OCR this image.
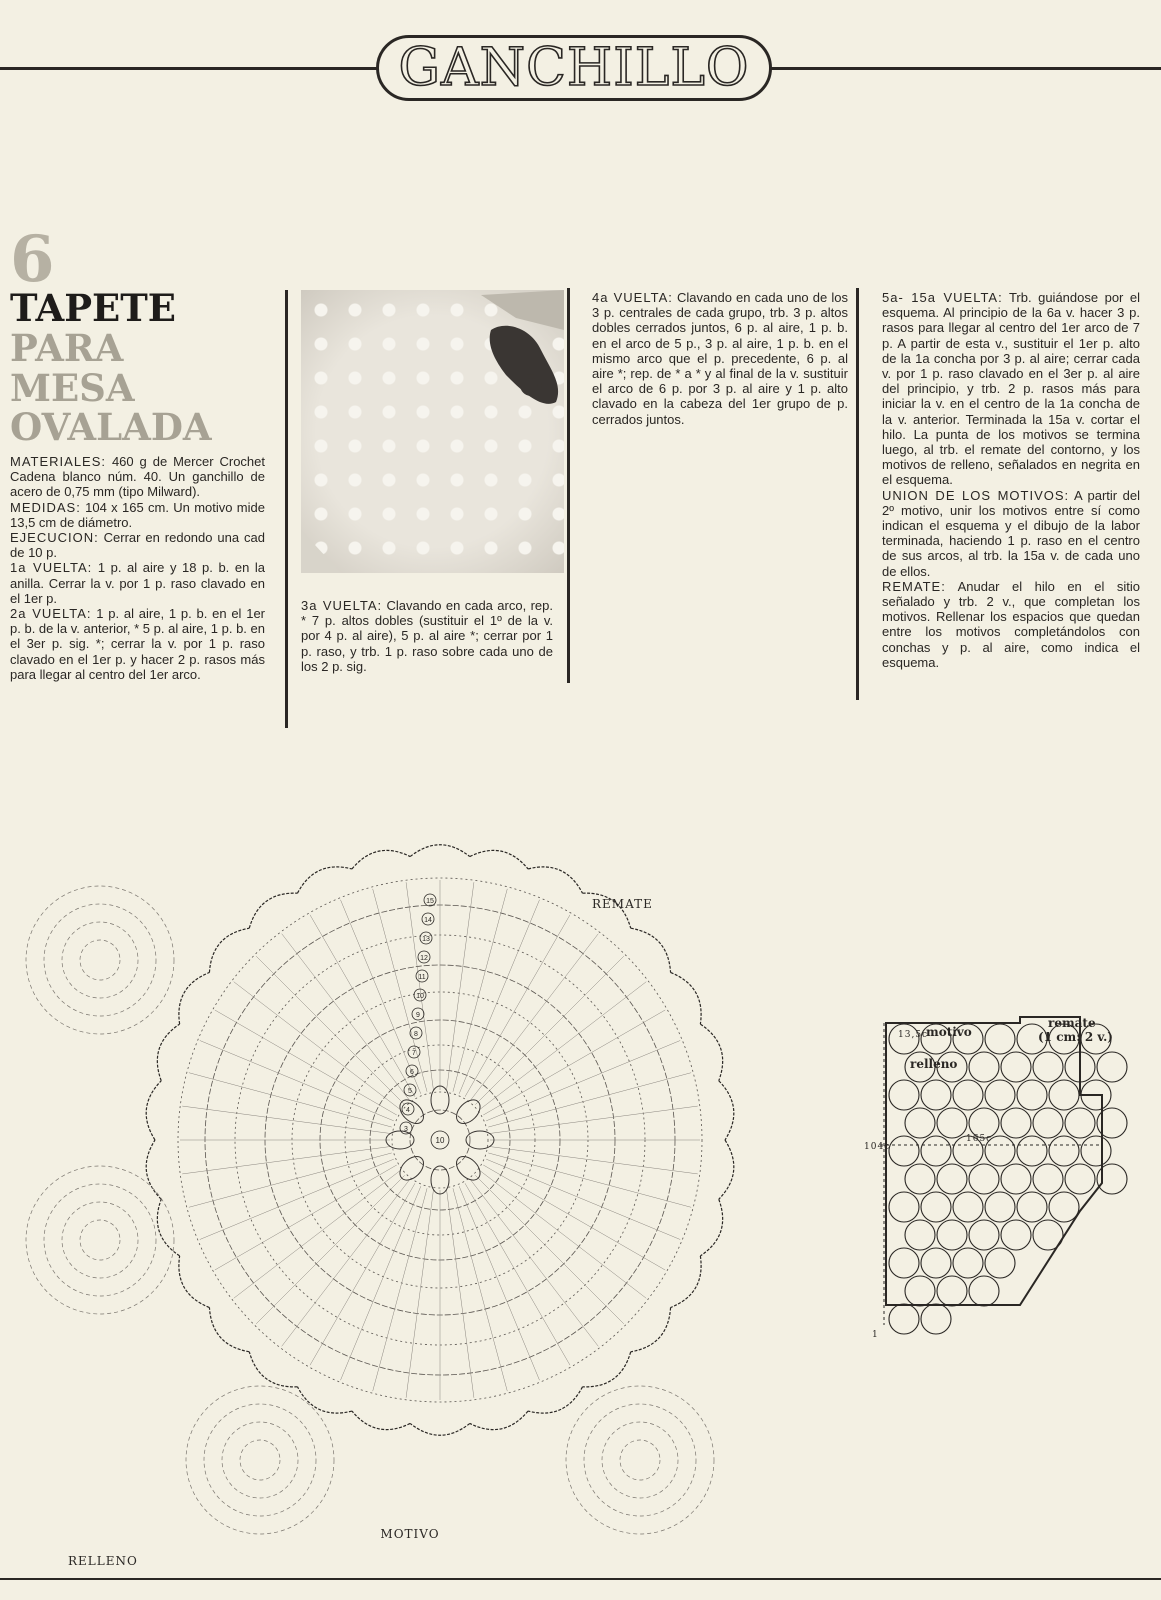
GANCHILLO
6
TAPETE
PARA
MESA
OVALADA

MATERIALES: 460 g de Mercer Crochet Cadena blanco núm. 40. Un ganchillo de acero de 0,75 mm (tipo Milward).

MEDIDAS: 104 x 165 cm. Un motivo mide 13,5 cm de diámetro.

EJECUCION: Cerrar en redondo una cad de 10 p.

1a VUELTA: 1 p. al aire y 18 p. b. en la anilla. Cerrar la v. por 1 p. raso clavado en el 1er p.

2a VUELTA: 1 p. al aire, 1 p. b. en el 1er p. b. de la v. anterior, * 5 p. al aire, 1 p. b. en el 3er p. sig. *; cerrar la v. por 1 p. raso clavado en el 1er p. y hacer 2 p. rasos más para llegar al centro del 1er arco.

3a VUELTA: Clavando en cada arco, rep. * 7 p. altos dobles (sustituir el 1º de la v. por 4 p. al aire), 5 p. al aire *; cerrar por 1 p. raso, y trb. 1 p. raso sobre cada uno de los 2 p. sig.

4a VUELTA: Clavando en cada uno de los 3 p. centrales de cada grupo, trb. 3 p. altos dobles cerrados juntos, 6 p. al aire, 1 p. b. en el arco de 5 p., 3 p. al aire, 1 p. b. en el mismo arco que el p. precedente, 6 p. al aire *; rep. de * a * y al final de la v. sustituir el arco de 6 p. por 3 p. al aire y 1 p. alto clavado en la cabeza del 1er grupo de p. cerrados juntos.

5a- 15a VUELTA: Trb. guiándose por el esquema. Al principio de la 6a v. hacer 3 p. rasos para llegar al centro del 1er arco de 7 p. A partir de esta v., sustituir el 1er p. alto de la 1a concha por 3 p. al aire; cerrar cada v. por 1 p. raso clavado en el 3er p. al aire del principio, y trb. 2 p. rasos más para iniciar la v. en el centro de la 1a concha de la v. anterior. Terminada la 15a v. cortar el hilo. La punta de los motivos se termina luego, al trb. el remate del contorno, y los motivos de relleno, señalados en negrita en el esquema.

UNION DE LOS MOTIVOS: A partir del 2º motivo, unir los motivos entre sí como indican el esquema y el dibujo de la labor terminada, haciendo 1 p. raso en el centro de sus arcos, al trb. la 15a v. de cada uno de ellos.

REMATE: Anudar el hilo en el sitio señalado y trb. 2 v., que completan los motivos. Rellenar los espacios que quedan entre los motivos completándolos con conchas y p. al aire, como indica el esquema.

15
14
13
12
11
10
9
8
7
6
5
4
3
10
REMATE
MOTIVO
RELLENO
13,5c
motivo
relleno
remate
(1 cm: 2 v.)
104c
165c
1
